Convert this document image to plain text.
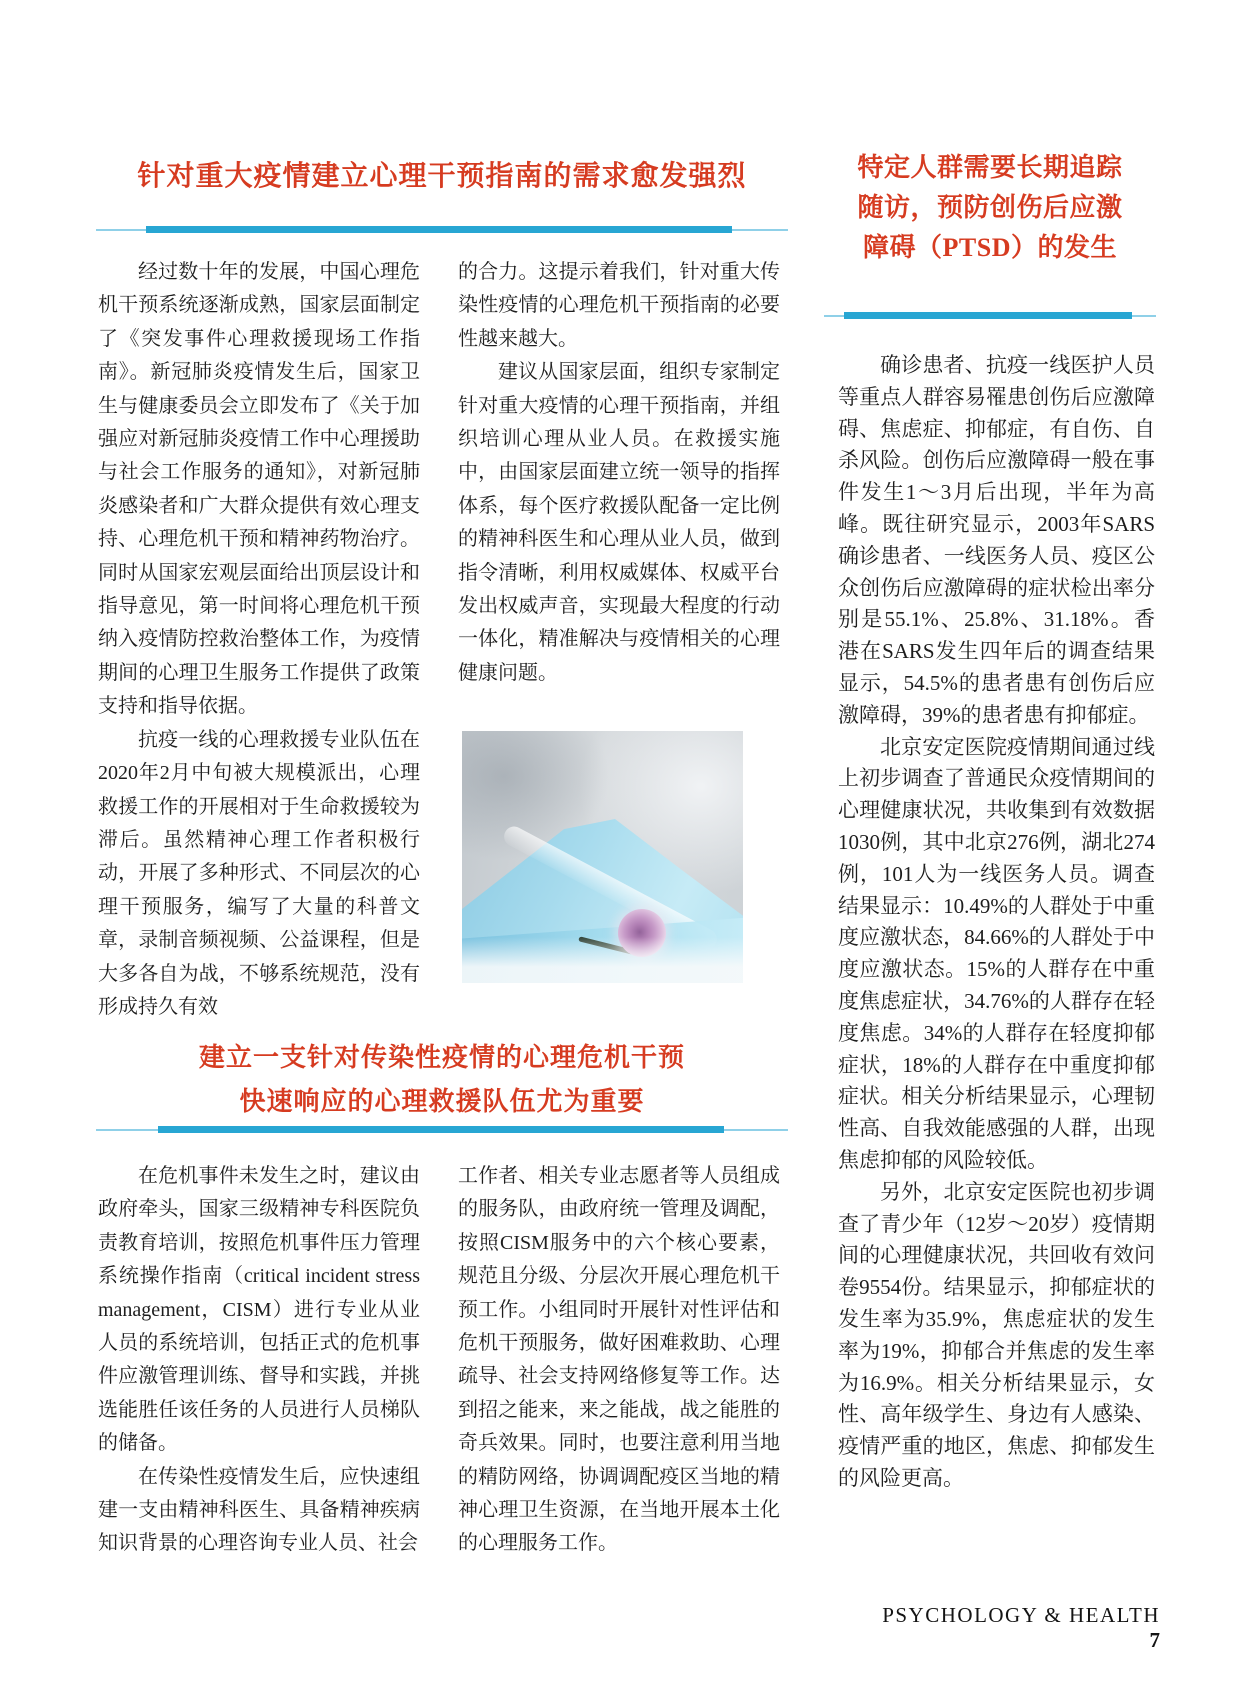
针对重大疫情建立心理干预指南的需求愈发强烈

经过数十年的发展，中国心理危机干预系统逐渐成熟，国家层面制定了《突发事件心理救援现场工作指南》。新冠肺炎疫情发生后，国家卫生与健康委员会立即发布了《关于加强应对新冠肺炎疫情工作中心理援助与社会工作服务的通知》，对新冠肺炎感染者和广大群众提供有效心理支持、心理危机干预和精神药物治疗。同时从国家宏观层面给出顶层设计和指导意见，第一时间将心理危机干预纳入疫情防控救治整体工作，为疫情期间的心理卫生服务工作提供了政策支持和指导依据。

抗疫一线的心理救援专业队伍在2020年2月中旬被大规模派出，心理救援工作的开展相对于生命救援较为滞后。虽然精神心理工作者积极行动，开展了多种形式、不同层次的心理干预服务，编写了大量的科普文章，录制音频视频、公益课程，但是大多各自为战，不够系统规范，没有形成持久有效

的合力。这提示着我们，针对重大传染性疫情的心理危机干预指南的必要性越来越大。

建议从国家层面，组织专家制定针对重大疫情的心理干预指南，并组织培训心理从业人员。在救援实施中，由国家层面建立统一领导的指挥体系，每个医疗救援队配备一定比例的精神科医生和心理从业人员，做到指令清晰，利用权威媒体、权威平台发出权威声音，实现最大程度的行动一体化，精准解决与疫情相关的心理健康问题。

建立一支针对传染性疫情的心理危机干预
快速响应的心理救援队伍尤为重要

在危机事件未发生之时，建议由政府牵头，国家三级精神专科医院负责教育培训，按照危机事件压力管理系统操作指南（critical incident stress management，CISM）进行专业从业人员的系统培训，包括正式的危机事件应激管理训练、督导和实践，并挑选能胜任该任务的人员进行人员梯队的储备。

在传染性疫情发生后，应快速组建一支由精神科医生、具备精神疾病知识背景的心理咨询专业人员、社会

工作者、相关专业志愿者等人员组成的服务队，由政府统一管理及调配，按照CISM服务中的六个核心要素，规范且分级、分层次开展心理危机干预工作。小组同时开展针对性评估和危机干预服务，做好困难救助、心理疏导、社会支持网络修复等工作。达到招之能来，来之能战，战之能胜的奇兵效果。同时，也要注意利用当地的精防网络，协调调配疫区当地的精神心理卫生资源，在当地开展本土化的心理服务工作。

特定人群需要长期追踪
随访，预防创伤后应激
障碍（PTSD）的发生

确诊患者、抗疫一线医护人员等重点人群容易罹患创伤后应激障碍、焦虑症、抑郁症，有自伤、自杀风险。创伤后应激障碍一般在事件发生1～3月后出现，半年为高峰。既往研究显示，2003年SARS确诊患者、一线医务人员、疫区公众创伤后应激障碍的症状检出率分别是55.1%、25.8%、31.18%。香港在SARS发生四年后的调查结果显示，54.5%的患者患有创伤后应激障碍，39%的患者患有抑郁症。

北京安定医院疫情期间通过线上初步调查了普通民众疫情期间的心理健康状况，共收集到有效数据1030例，其中北京276例，湖北274例，101人为一线医务人员。调查结果显示：10.49%的人群处于中重度应激状态，84.66%的人群处于中度应激状态。15%的人群存在中重度焦虑症状，34.76%的人群存在轻度焦虑。34%的人群存在轻度抑郁症状，18%的人群存在中重度抑郁症状。相关分析结果显示，心理韧性高、自我效能感强的人群，出现焦虑抑郁的风险较低。

另外，北京安定医院也初步调查了青少年（12岁～20岁）疫情期间的心理健康状况，共回收有效问卷9554份。结果显示，抑郁症状的发生率为35.9%，焦虑症状的发生率为19%，抑郁合并焦虑的发生率为16.9%。相关分析结果显示，女性、高年级学生、身边有人感染、疫情严重的地区，焦虑、抑郁发生的风险更高。

PSYCHOLOGY & HEALTH 7
